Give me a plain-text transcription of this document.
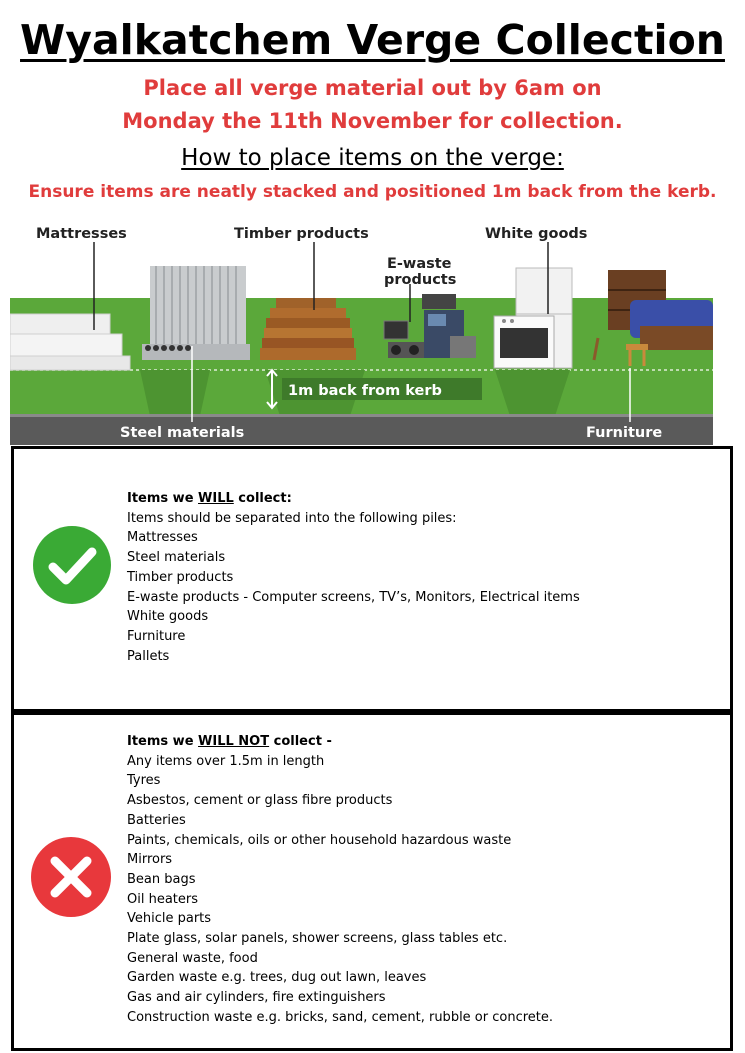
Wyalkatchem Verge Collection
Place all verge material out by 6am on
Monday the 11th November for collection.
How to place items on the verge:
Ensure items are neatly stacked and positioned 1m back from the kerb.
Mattresses	Timber products
E-waste
products
White goods
1m back from kerb
Steel materials	Furniture
Items we WILL collect:
Items should be separated into the following piles:
Mattresses
Steel materials
Timber products
E-waste products - Computer screens, TV’s, Monitors, Electrical items
White goods
Furniture
Pallets
Items we WILL NOT collect -
Any items over 1.5m in length
Tyres
Asbestos, cement or glass fibre products
Batteries
Paints, chemicals, oils or other household hazardous waste
Mirrors
Bean bags
Oil heaters
Vehicle parts
Plate glass, solar panels, shower screens, glass tables etc.
General waste, food
Garden waste e.g. trees, dug out lawn, leaves
Gas and air cylinders, fire extinguishers
Construction waste e.g. bricks, sand, cement, rubble or concrete.
